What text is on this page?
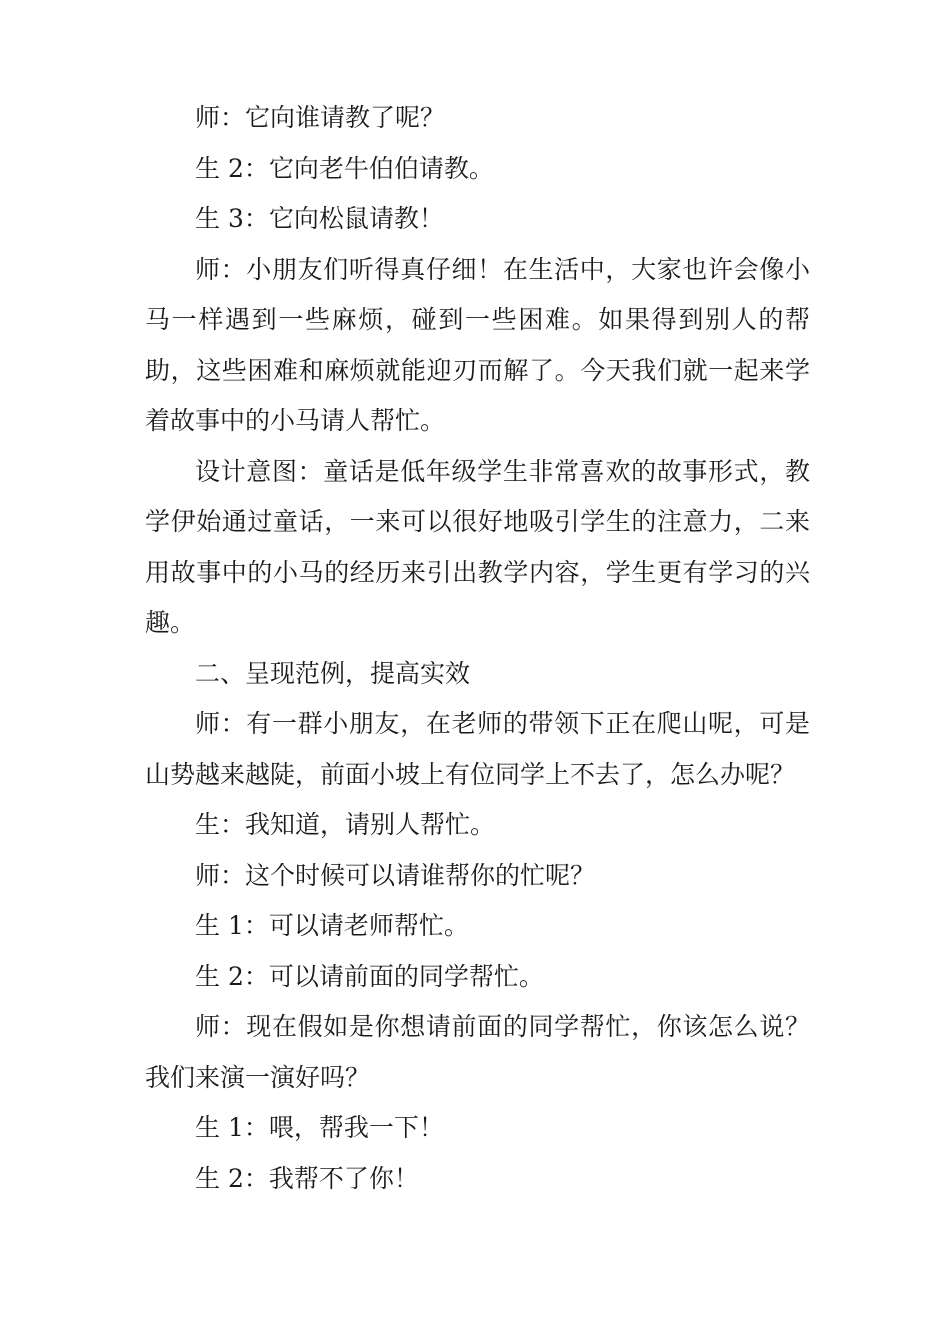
师：它向谁请教了呢？

生 2：它向老牛伯伯请教。

生 3：它向松鼠请教！

师：小朋友们听得真仔细！在生活中，大家也许会像小马一样遇到一些麻烦，碰到一些困难。如果得到别人的帮助，这些困难和麻烦就能迎刃而解了。今天我们就一起来学着故事中的小马请人帮忙。

设计意图：童话是低年级学生非常喜欢的故事形式，教学伊始通过童话，一来可以很好地吸引学生的注意力，二来用故事中的小马的经历来引出教学内容，学生更有学习的兴趣。

二、呈现范例，提高实效

师：有一群小朋友，在老师的带领下正在爬山呢，可是山势越来越陡，前面小坡上有位同学上不去了，怎么办呢？

生：我知道，请别人帮忙。

师：这个时候可以请谁帮你的忙呢？

生 1：可以请老师帮忙。

生 2：可以请前面的同学帮忙。

师：现在假如是你想请前面的同学帮忙，你该怎么说？我们来演一演好吗？

生 1：喂，帮我一下！

生 2：我帮不了你！
